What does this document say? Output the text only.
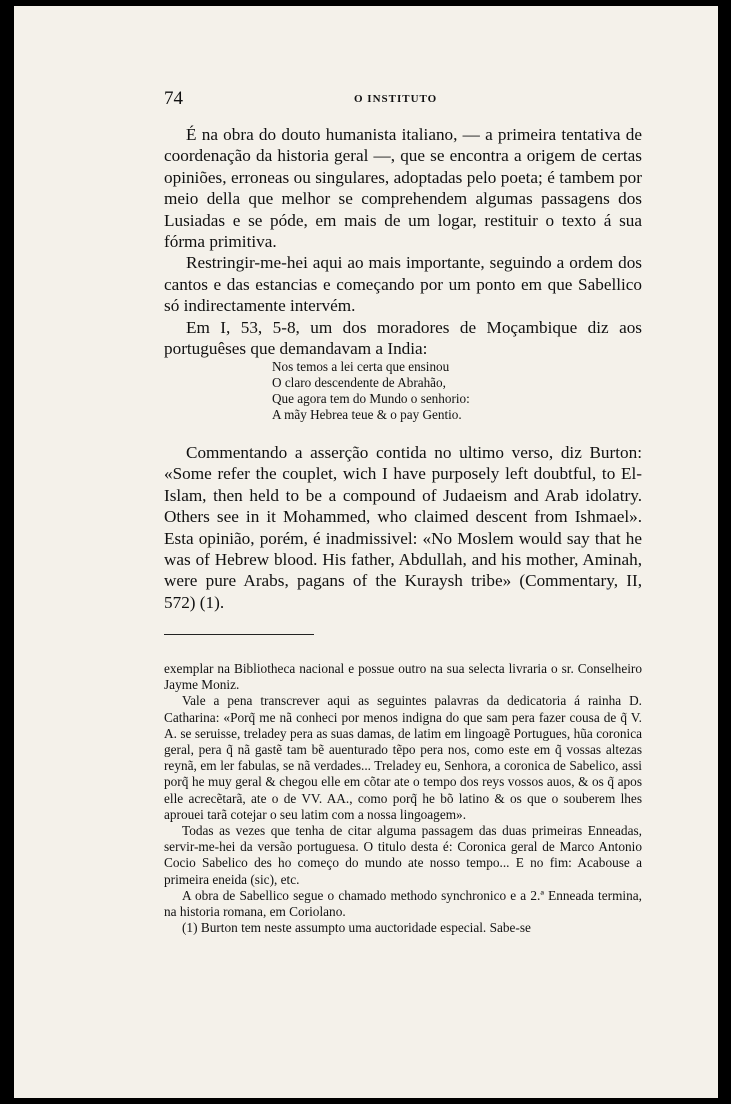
74	O INSTITUTO

É na obra do douto humanista italiano, — a primeira tentativa de coordenação da historia geral —, que se encontra a origem de certas opiniões, erroneas ou singulares, adoptadas pelo poeta; é tambem por meio della que melhor se comprehendem algumas passagens dos Lusiadas e se póde, em mais de um logar, restituir o texto á sua fórma primitiva.

Restringir-me-hei aqui ao mais importante, seguindo a ordem dos cantos e das estancias e começando por um ponto em que Sabellico só indirectamente intervém.

Em I, 53, 5-8, um dos moradores de Moçambique diz aos portuguêses que demandavam a India:

Nos temos a lei certa que ensinou
O claro descendente de Abrahão,
Que agora tem do Mundo o senhorio:
A mãy Hebrea teue & o pay Gentio.

Commentando a asserção contida no ultimo verso, diz Burton: «Some refer the couplet, wich I have purposely left doubtful, to El-Islam, then held to be a compound of Judaeism and Arab idolatry. Others see in it Mohammed, who claimed descent from Ishmael». Esta opinião, porém, é inadmissivel: «No Moslem would say that he was of Hebrew blood. His father, Abdullah, and his mother, Aminah, were pure Arabs, pagans of the Kuraysh tribe» (Commentary, II, 572) (1).

exemplar na Bibliotheca nacional e possue outro na sua selecta livraria o sr. Conselheiro Jayme Moniz.

Vale a pena transcrever aqui as seguintes palavras da dedicatoria á rainha D. Catharina: «Porq̃ me nã conheci por menos indigna do que sam pera fazer cousa de q̃ V. A. se seruisse, treladey pera as suas damas, de latim em lingoagẽ Portugues, hũa coronica geral, pera q̃ nã gastẽ tam bẽ auenturado tẽpo pera nos, como este em q̃ vossas altezas reynã, em ler fabulas, se nã verdades... Treladey eu, Senhora, a coronica de Sabelico, assi porq̃ he muy geral & chegou elle em cõtar ate o tempo dos reys vossos auos, & os q̃ apos elle acrecẽtarã, ate o de VV. AA., como porq̃ he bõ latino & os que o souberem lhes aprouei tarã cotejar o seu latim com a nossa lingoagem».

Todas as vezes que tenha de citar alguma passagem das duas primeiras Enneadas, servir-me-hei da versão portuguesa. O titulo desta é: Coronica geral de Marco Antonio Cocio Sabelico des ho começo do mundo ate nosso tempo... E no fim: Acabouse a primeira eneida (sic), etc.

A obra de Sabellico segue o chamado methodo synchronico e a 2.ª Enneada termina, na historia romana, em Coriolano.

(1) Burton tem neste assumpto uma auctoridade especial. Sabe-se
